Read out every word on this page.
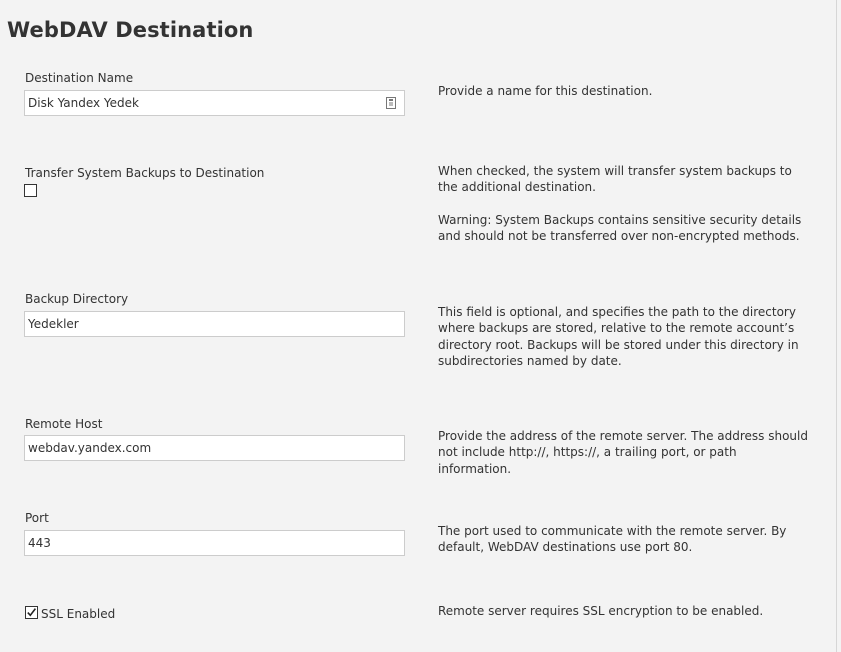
WebDAV Destination
Destination Name
Disk Yandex Yedek
Provide a name for this destination.
Transfer System Backups to Destination	When checked, the system will transfer system backups to the additional destination.
Warning: System Backups contains sensitive security details and should not be transferred over non-encrypted methods.
Backup Directory
Yedekler
This field is optional, and specifies the path to the directory where backups are stored, relative to the remote account’s directory root. Backups will be stored under this directory in subdirectories named by date.
Remote Host
webdav.yandex.com
Provide the address of the remote server. The address should not include http://, https://, a trailing port, or path information.
Port
443
The port used to communicate with the remote server. By default, WebDAV destinations use port 80.
SSL Enabled	Remote server requires SSL encryption to be enabled.
